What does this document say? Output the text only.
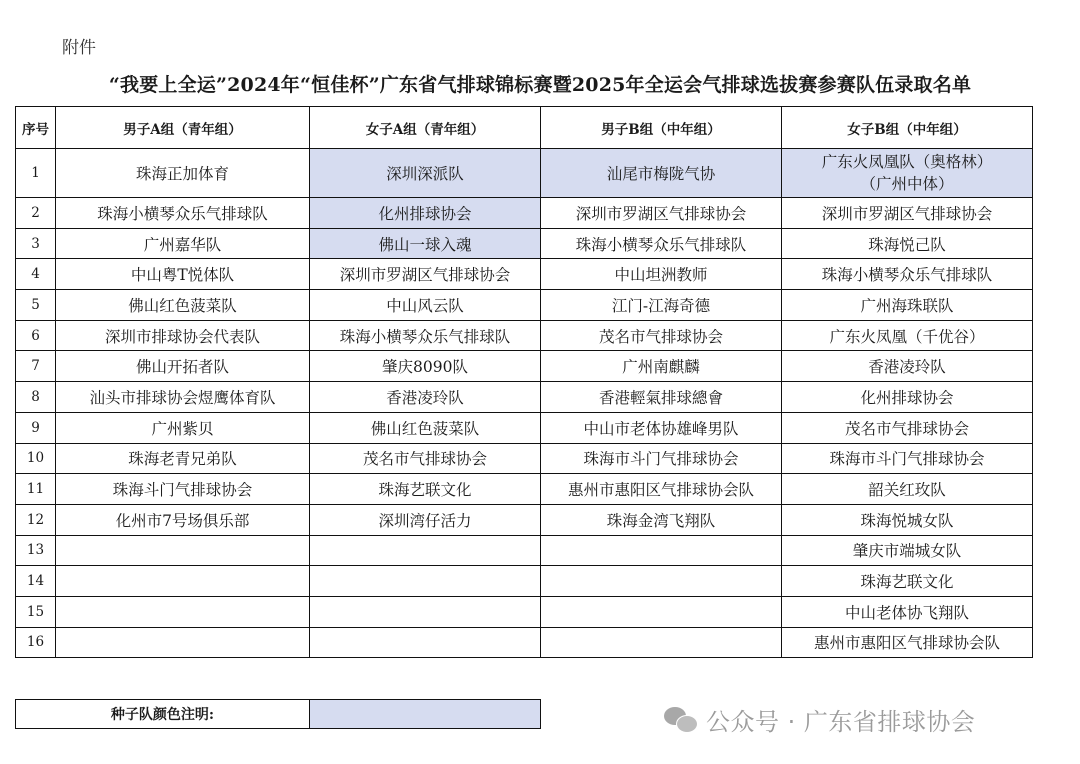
附件
“我要上全运”2024年“恒佳杯”广东省气排球锦标赛暨2025年全运会气排球选拔赛参赛队伍录取名单
序号	男子A组（青年组）	女子A组（青年组）	男子B组（中年组）	女子B组（中年组）
1	珠海正加体育	深圳深派队	汕尾市梅陇气协	广东火凤凰队（奥格林）
（广州中体）
2	珠海小横琴众乐气排球队	化州排球协会	深圳市罗湖区气排球协会	深圳市罗湖区气排球协会
3	广州嘉华队	佛山一球入魂	珠海小横琴众乐气排球队	珠海悦己队
4	中山粤T悦体队	深圳市罗湖区气排球协会	中山坦洲教师	珠海小横琴众乐气排球队
5	佛山红色菠菜队	中山风云队	江门-江海奇德	广州海珠联队
6	深圳市排球协会代表队	珠海小横琴众乐气排球队	茂名市气排球协会	广东火凤凰（千优谷）
7	佛山开拓者队	肇庆8090队	广州南麒麟	香港凌玲队
8	汕头市排球协会煜鹰体育队	香港凌玲队	香港輕氣排球總會	化州排球协会
9	广州紫贝	佛山红色菠菜队	中山市老体协雄峰男队	茂名市气排球协会
10	珠海老青兄弟队	茂名市气排球协会	珠海市斗门气排球协会	珠海市斗门气排球协会
11	珠海斗门气排球协会	珠海艺联文化	惠州市惠阳区气排球协会队	韶关红玫队
12	化州市7号场俱乐部	深圳湾仔活力	珠海金湾飞翔队	珠海悦城女队
13				肇庆市端城女队
14				珠海艺联文化
15				中山老体协飞翔队
16				惠州市惠阳区气排球协会队
种子队颜色注明:		公众号 · 广东省排球协会
